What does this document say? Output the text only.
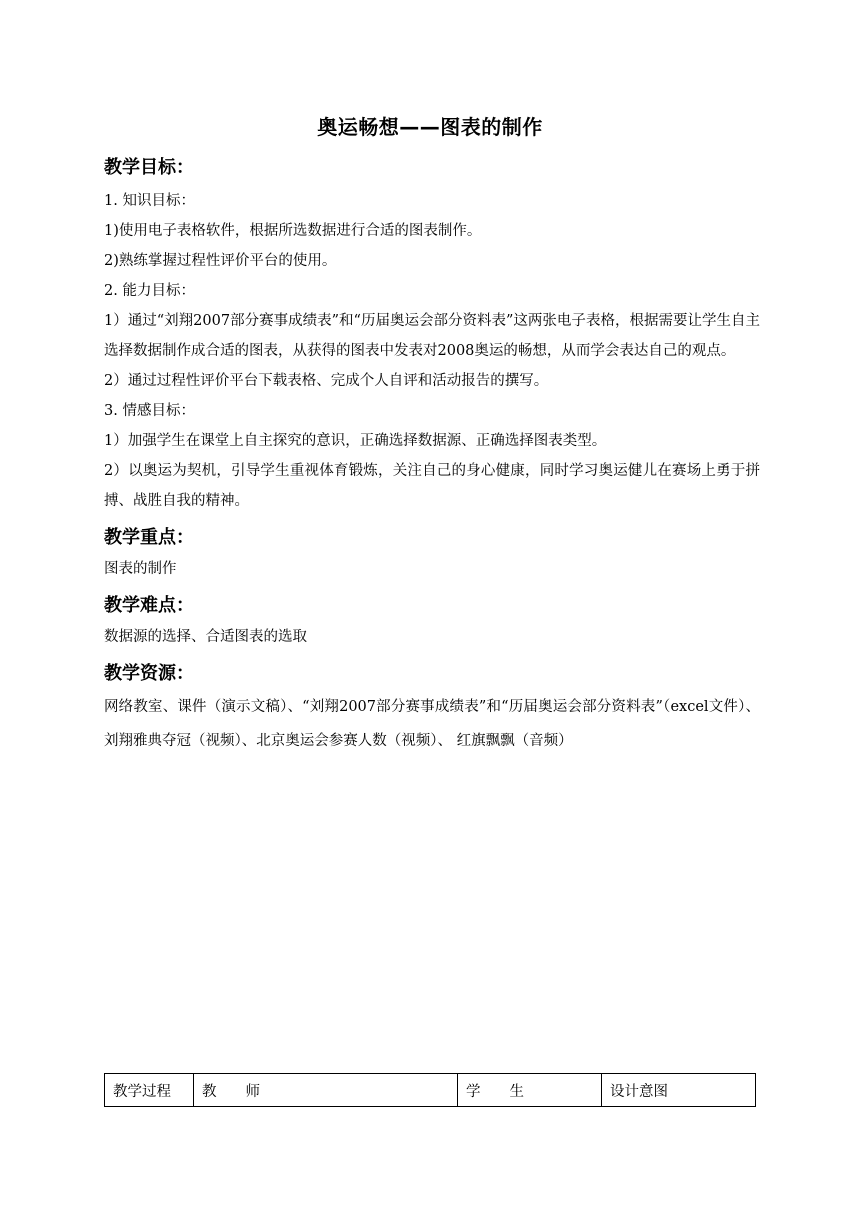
奥运畅想——图表的制作

教学目标：

1. 知识目标：

1)使用电子表格软件，根据所选数据进行合适的图表制作。

2)熟练掌握过程性评价平台的使用。

2. 能力目标：

1）通过“刘翔2007部分赛事成绩表”和“历届奥运会部分资料表”这两张电子表格，根据需要让学生自主选择数据制作成合适的图表，从获得的图表中发表对2008奥运的畅想，从而学会表达自己的观点。

2）通过过程性评价平台下载表格、完成个人自评和活动报告的撰写。

3. 情感目标：

1）加强学生在课堂上自主探究的意识，正确选择数据源、正确选择图表类型。

2）以奥运为契机，引导学生重视体育锻炼，关注自己的身心健康，同时学习奥运健儿在赛场上勇于拼搏、战胜自我的精神。

教学重点：

图表的制作

教学难点：

数据源的选择、合适图表的选取

教学资源：

网络教室、课件（演示文稿）、“刘翔2007部分赛事成绩表”和“历届奥运会部分资料表”（excel文件）、刘翔雅典夺冠（视频）、北京奥运会参赛人数（视频）、 红旗飘飘（音频）

教学过程	教　　师	学　　生	设计意图
